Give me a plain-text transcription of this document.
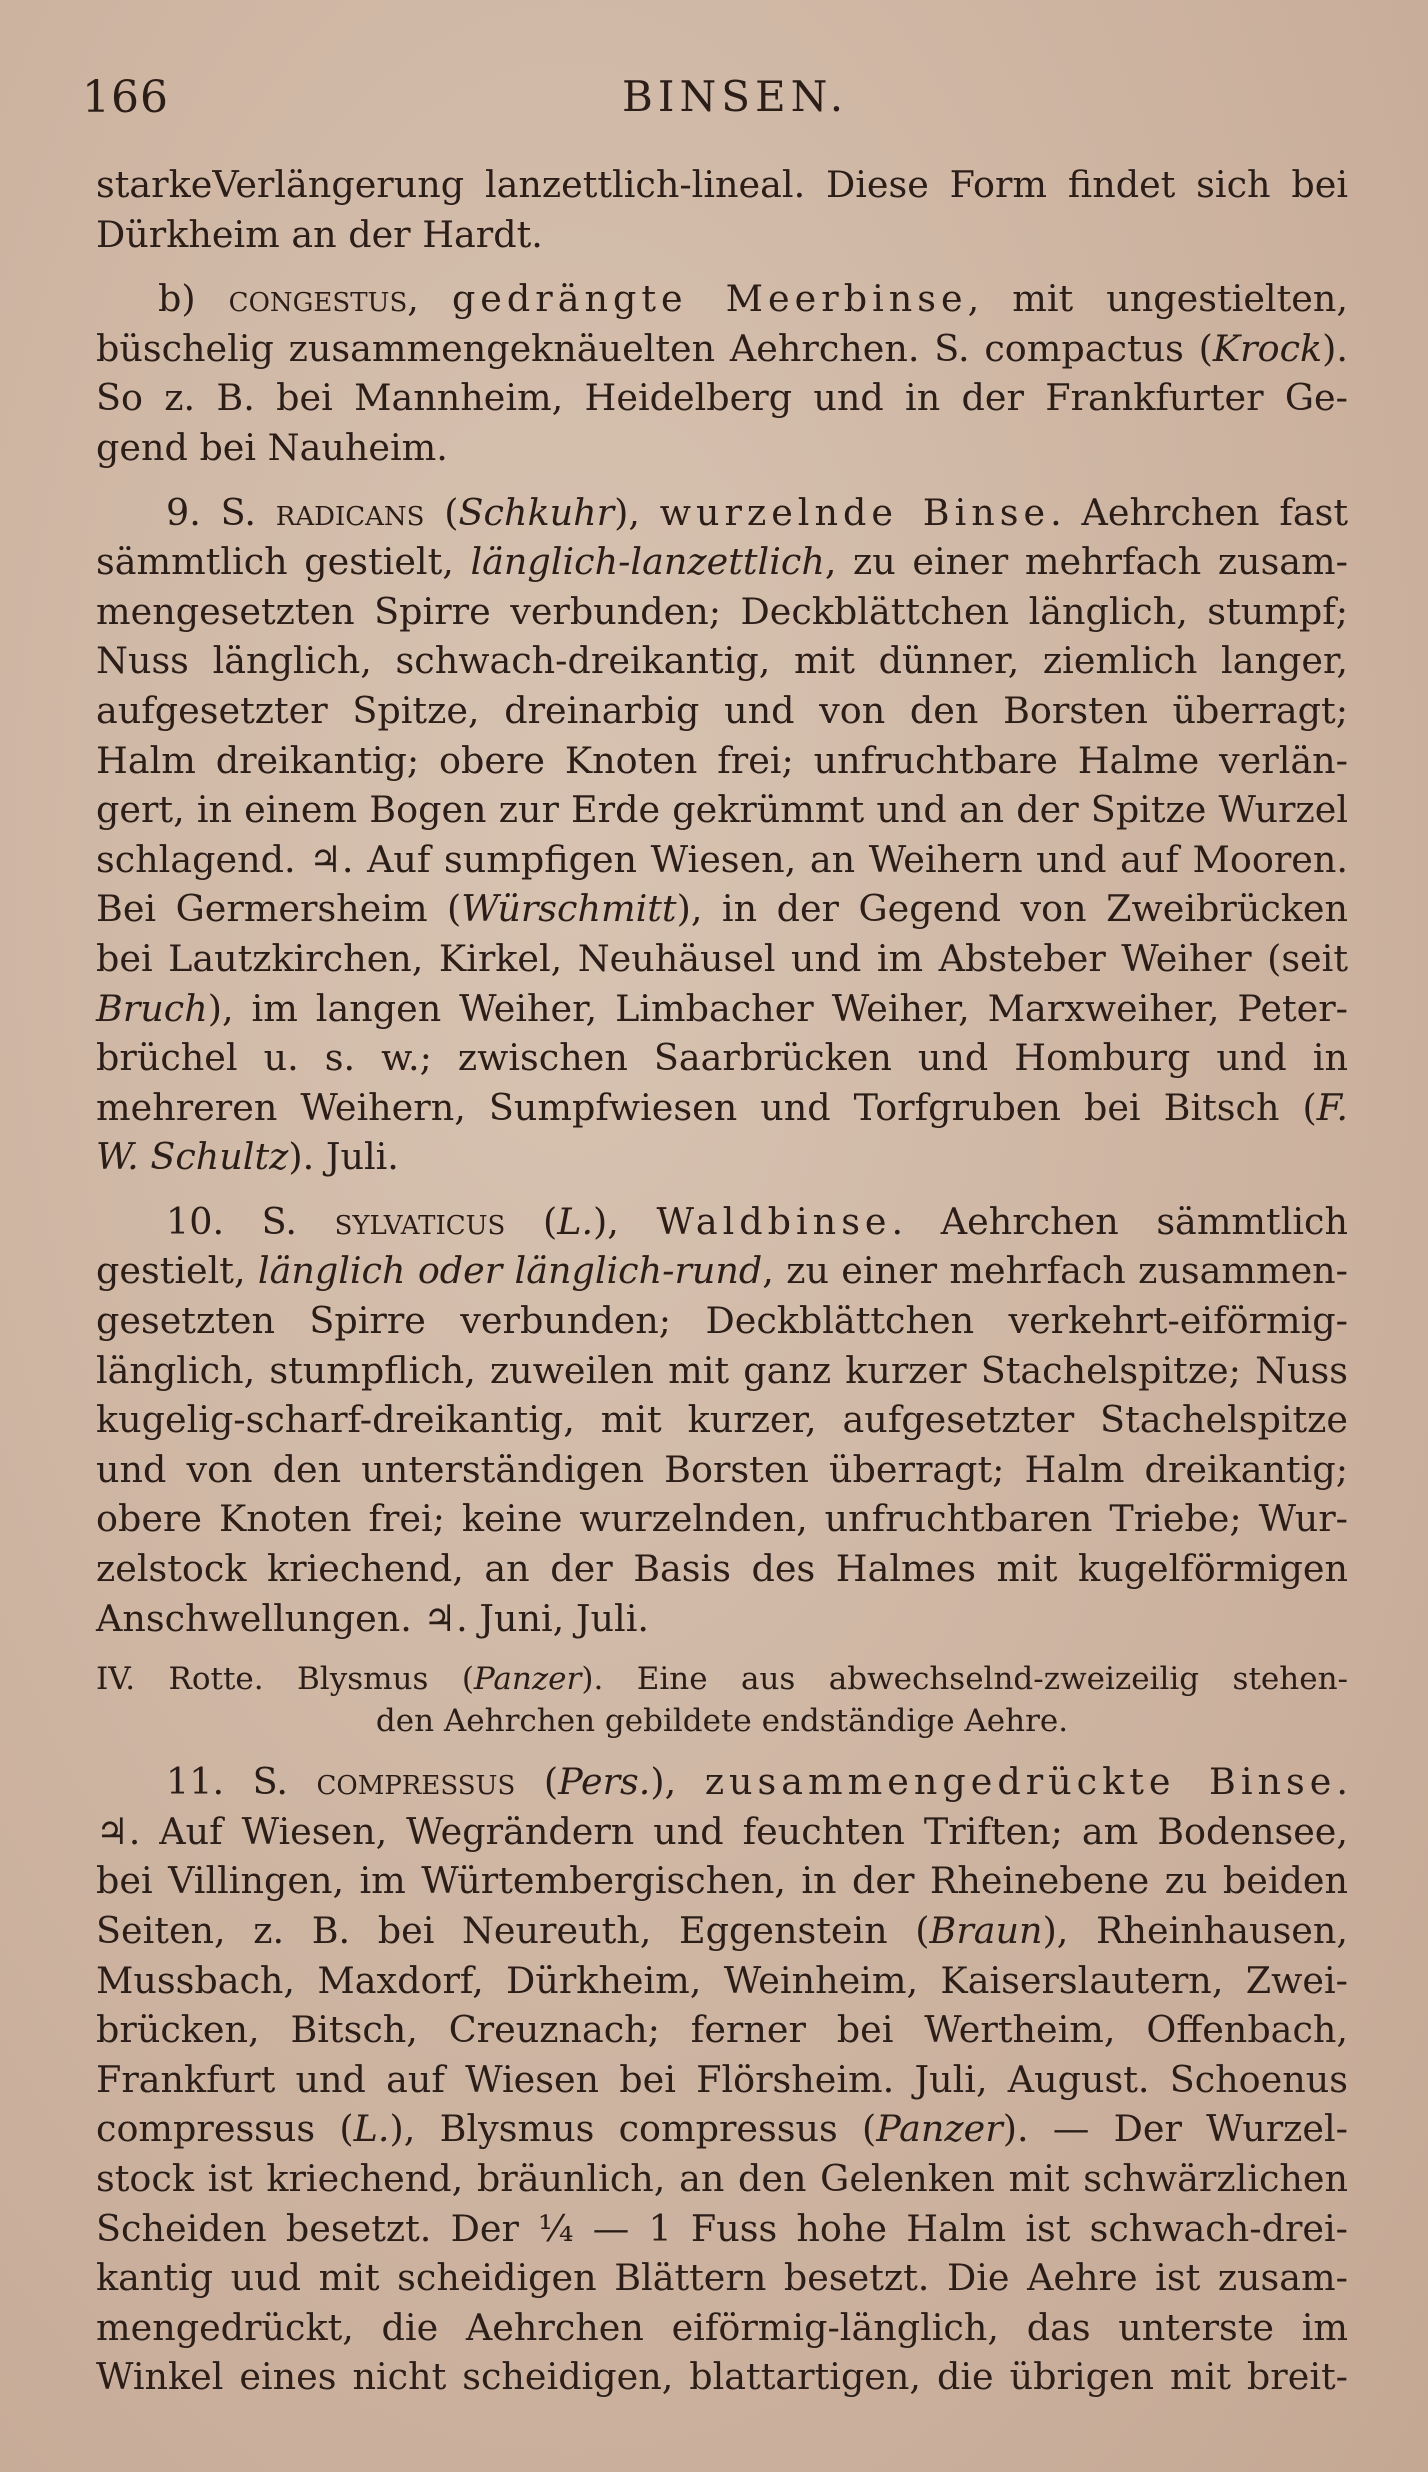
166	BINSEN.
starkeVerlängerung lanzettlich-lineal. Diese Form findet sich bei
Dürkheim an der Hardt.
b) congestus, gedrängte Meerbinse, mit ungestielten,
büschelig zusammengeknäuelten Aehrchen. S. compactus (Krock).
So z. B. bei Mannheim, Heidelberg und in der Frankfurter Ge-
gend bei Nauheim.
9. S. radicans (Schkuhr), wurzelnde Binse. Aehrchen fast
sämmtlich gestielt, länglich-lanzettlich, zu einer mehrfach zusam-
mengesetzten Spirre verbunden; Deckblättchen länglich, stumpf;
Nuss länglich, schwach-dreikantig, mit dünner, ziemlich langer,
aufgesetzter Spitze, dreinarbig und von den Borsten überragt;
Halm dreikantig; obere Knoten frei; unfruchtbare Halme verlän-
gert, in einem Bogen zur Erde gekrümmt und an der Spitze Wurzel
schlagend. ♃. Auf sumpfigen Wiesen, an Weihern und auf Mooren.
Bei Germersheim (Würschmitt), in der Gegend von Zweibrücken
bei Lautzkirchen, Kirkel, Neuhäusel und im Absteber Weiher (seit
Bruch), im langen Weiher, Limbacher Weiher, Marxweiher, Peter-
brüchel u. s. w.; zwischen Saarbrücken und Homburg und in
mehreren Weihern, Sumpfwiesen und Torfgruben bei Bitsch (F.
W. Schultz). Juli.
10. S. sylvaticus (L.), Waldbinse. Aehrchen sämmtlich
gestielt, länglich oder länglich-rund, zu einer mehrfach zusammen-
gesetzten Spirre verbunden; Deckblättchen verkehrt-eiförmig-
länglich, stumpflich, zuweilen mit ganz kurzer Stachelspitze; Nuss
kugelig-scharf-dreikantig, mit kurzer, aufgesetzter Stachelspitze
und von den unterständigen Borsten überragt; Halm dreikantig;
obere Knoten frei; keine wurzelnden, unfruchtbaren Triebe; Wur-
zelstock kriechend, an der Basis des Halmes mit kugelförmigen
Anschwellungen. ♃. Juni, Juli.
IV. Rotte. Blysmus (Panzer). Eine aus abwechselnd-zweizeilig stehen-
den Aehrchen gebildete endständige Aehre.
11. S. compressus (Pers.), zusammengedrückte Binse.
♃. Auf Wiesen, Wegrändern und feuchten Triften; am Bodensee,
bei Villingen, im Würtembergischen, in der Rheinebene zu beiden
Seiten, z. B. bei Neureuth, Eggenstein (Braun), Rheinhausen,
Mussbach, Maxdorf, Dürkheim, Weinheim, Kaiserslautern, Zwei-
brücken, Bitsch, Creuznach; ferner bei Wertheim, Offenbach,
Frankfurt und auf Wiesen bei Flörsheim. Juli, August. Schoenus
compressus (L.), Blysmus compressus (Panzer). — Der Wurzel-
stock ist kriechend, bräunlich, an den Gelenken mit schwärzlichen
Scheiden besetzt. Der ¼ — 1 Fuss hohe Halm ist schwach-drei-
kantig uud mit scheidigen Blättern besetzt. Die Aehre ist zusam-
mengedrückt, die Aehrchen eiförmig-länglich, das unterste im
Winkel eines nicht scheidigen, blattartigen, die übrigen mit breit-
